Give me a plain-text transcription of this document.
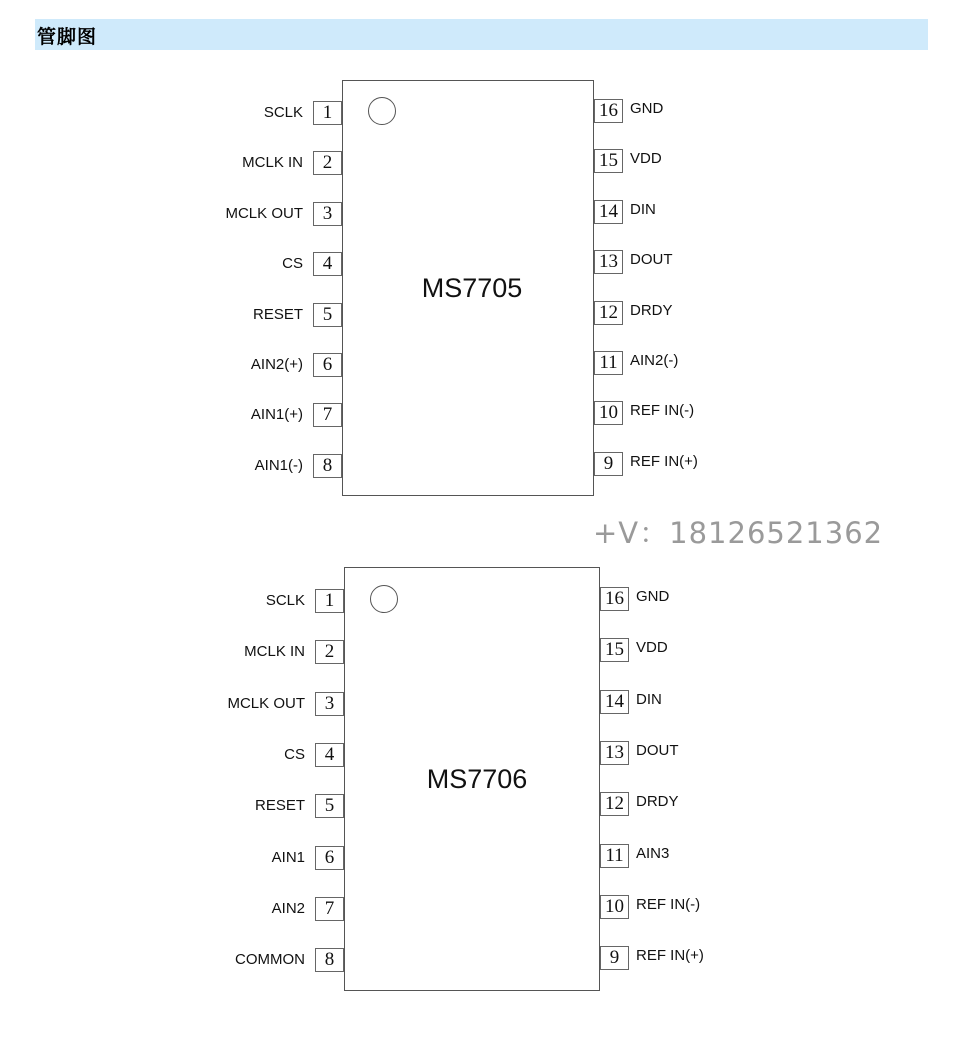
管脚图
MS7705
1
SCLK
2
MCLK IN
3
MCLK OUT
4
CS
5
RESET
6
AIN2(+)
7
AIN1(+)
8
AIN1(-)
16 GND
15 VDD
14 DIN
13 DOUT
12 DRDY
11 AIN2(-)
10 REF IN(-)
9	REF IN(+)
+V：18126521362
MS7706
1
SCLK
2
MCLK IN
3
MCLK OUT
4
CS
5
RESET
6
AIN1
7
AIN2
8
COMMON
16 GND
15 VDD
14 DIN
13 DOUT
12 DRDY
11 AIN3
10 REF IN(-)
9	REF IN(+)
